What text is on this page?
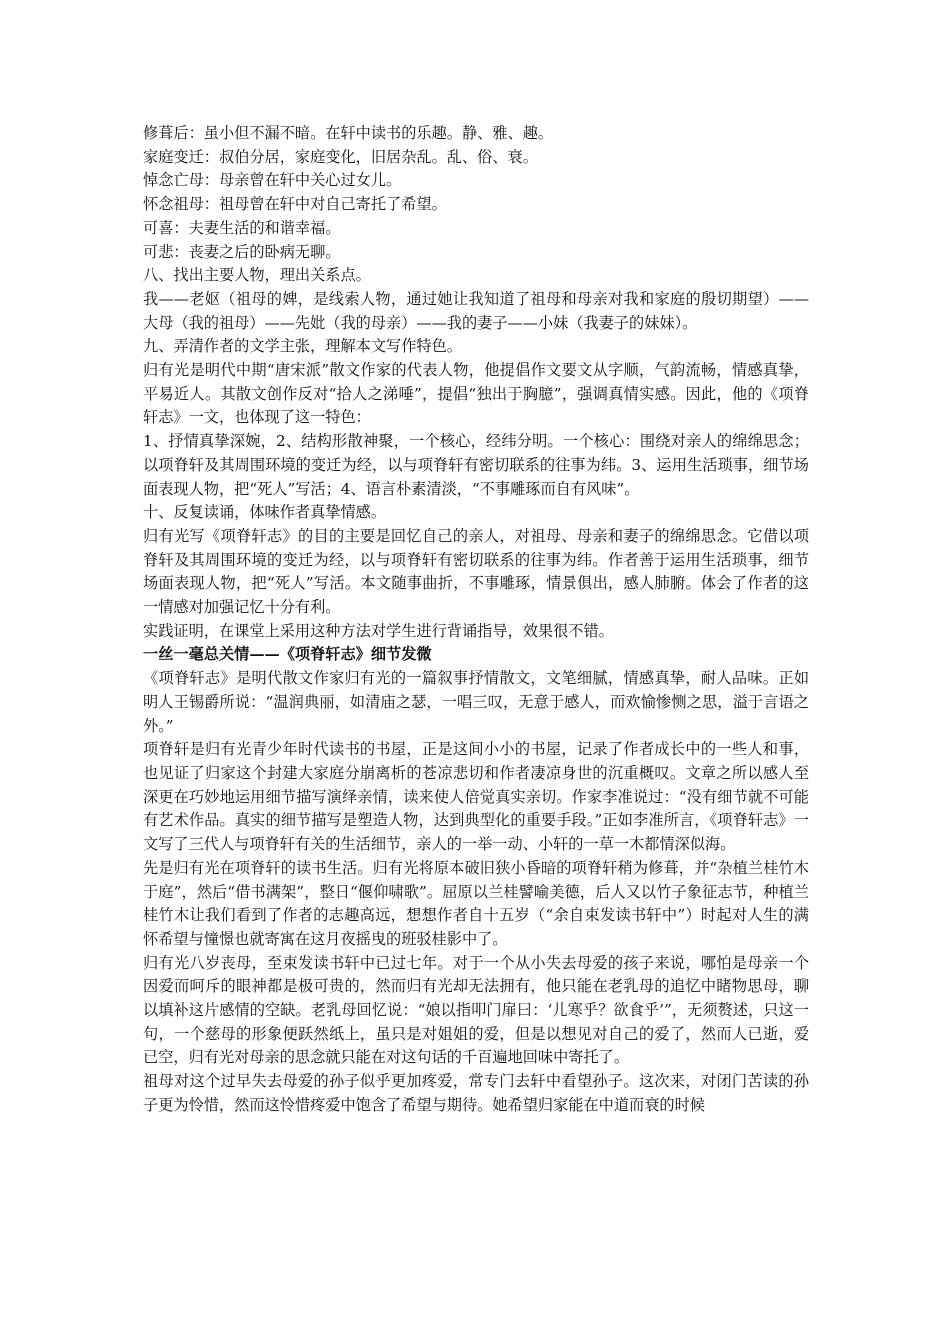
修葺后：虽小但不漏不暗。在轩中读书的乐趣。静、雅、趣。

家庭变迁：叔伯分居，家庭变化，旧居杂乱。乱、俗、衰。

悼念亡母：母亲曾在轩中关心过女儿。

怀念祖母：祖母曾在轩中对自己寄托了希望。

可喜：夫妻生活的和谐幸福。

可悲：丧妻之后的卧病无聊。

八、找出主要人物，理出关系点。

我——老妪（祖母的婢，是线索人物，通过她让我知道了祖母和母亲对我和家庭的殷切期望）——大母（我的祖母）——先妣（我的母亲）——我的妻子——小妹（我妻子的妹妹）。

九、弄清作者的文学主张，理解本文写作特色。

归有光是明代中期“唐宋派”散文作家的代表人物，他提倡作文要文从字顺，气韵流畅，情感真挚，平易近人。其散文创作反对“拾人之涕唾”，提倡“独出于胸臆”，强调真情实感。因此，他的《项脊轩志》一文，也体现了这一特色：

1、抒情真挚深婉，2、结构形散神聚，一个核心，经纬分明。一个核心：围绕对亲人的绵绵思念；以项脊轩及其周围环境的变迁为经，以与项脊轩有密切联系的往事为纬。3、运用生活琐事，细节场面表现人物，把“死人”写活；4、语言朴素清淡，“不事雕琢而自有风味”。

十、反复读诵，体味作者真挚情感。

归有光写《项脊轩志》的目的主要是回忆自己的亲人，对祖母、母亲和妻子的绵绵思念。它借以项脊轩及其周围环境的变迁为经，以与项脊轩有密切联系的往事为纬。作者善于运用生活琐事，细节场面表现人物，把“死人”写活。本文随事曲折，不事雕琢，情景俱出，感人肺腑。体会了作者的这一情感对加强记忆十分有利。

实践证明，在课堂上采用这种方法对学生进行背诵指导，效果很不错。

一丝一毫总关情——《项脊轩志》细节发微

《项脊轩志》是明代散文作家归有光的一篇叙事抒情散文，文笔细腻，情感真挚，耐人品味。正如明人王锡爵所说：“温润典丽，如清庙之瑟，一唱三叹，无意于感人，而欢愉惨恻之思，溢于言语之外。”

项脊轩是归有光青少年时代读书的书屋，正是这间小小的书屋，记录了作者成长中的一些人和事，也见证了归家这个封建大家庭分崩离析的苍凉悲切和作者凄凉身世的沉重概叹。文章之所以感人至深更在巧妙地运用细节描写演绎亲情，读来使人倍觉真实亲切。作家李准说过：“没有细节就不可能有艺术作品。真实的细节描写是塑造人物，达到典型化的重要手段。”正如李准所言，《项脊轩志》一文写了三代人与项脊轩有关的生活细节，亲人的一举一动、小轩的一草一木都情深似海。

先是归有光在项脊轩的读书生活。归有光将原本破旧狭小昏暗的项脊轩稍为修葺，并“杂植兰桂竹木于庭”，然后“借书满架”，整日“偃仰啸歌”。屈原以兰桂譬喻美德，后人又以竹子象征志节，种植兰桂竹木让我们看到了作者的志趣高远，想想作者自十五岁（“余自束发读书轩中”）时起对人生的满怀希望与憧憬也就寄寓在这月夜摇曳的班驳桂影中了。

归有光八岁丧母，至束发读书轩中已过七年。对于一个从小失去母爱的孩子来说，哪怕是母亲一个因爱而呵斥的眼神都是极可贵的，然而归有光却无法拥有，他只能在老乳母的追忆中睹物思母，聊以填补这片感情的空缺。老乳母回忆说：“娘以指叩门扉曰：‘儿寒乎？欲食乎’”，无须赘述，只这一句，一个慈母的形象便跃然纸上，虽只是对姐姐的爱，但是以想见对自己的爱了，然而人已逝，爱已空，归有光对母亲的思念就只能在对这句话的千百遍地回味中寄托了。

祖母对这个过早失去母爱的孙子似乎更加疼爱，常专门去轩中看望孙子。这次来，对闭门苦读的孙子更为怜惜，然而这怜惜疼爱中饱含了希望与期待。她希望归家能在中道而衰的时候
